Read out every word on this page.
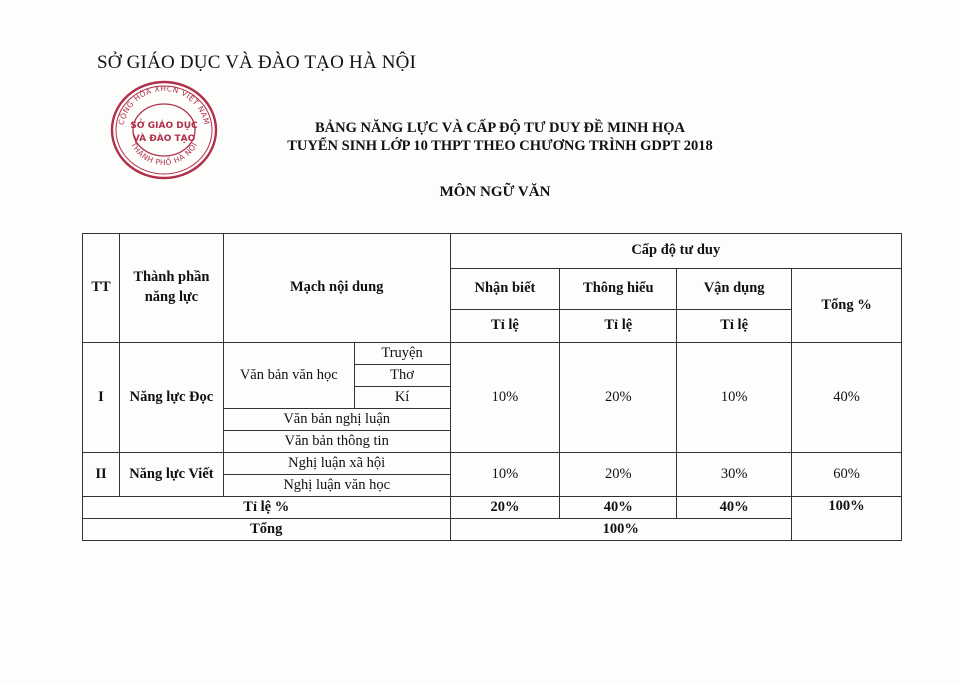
SỞ GIÁO DỤC VÀ ĐÀO TẠO HÀ NỘI
CỘNG HÒA XHCN VIỆT NAM
THÀNH PHỐ HÀ NỘI
SỞ GIÁO DỤC
VÀ ĐÀO TẠO
BẢNG NĂNG LỰC VÀ CẤP ĐỘ TƯ DUY ĐỀ MINH HỌA
TUYỂN SINH LỚP 10 THPT THEO CHƯƠNG TRÌNH GDPT 2018
MÔN NGỮ VĂN
TT	Thành phần năng lực	Mạch nội dung		Cấp độ tư duy			
				Nhận biết	Thông hiểu	Vận dụng	Tổng %
				Tỉ lệ	Tỉ lệ	Tỉ lệ	
I	Năng lực Đọc	Văn bản văn học	Truyện	10%	20%	10%	40%
			Thơ				
			Kí				
		Văn bản nghị luận					
		Văn bản thông tin					
II	Năng lực Viết	Nghị luận xã hội		10%	20%	30%	60%
		Nghị luận văn học					
Tỉ lệ %				20%	40%	40%	100%
Tổng				100%			
